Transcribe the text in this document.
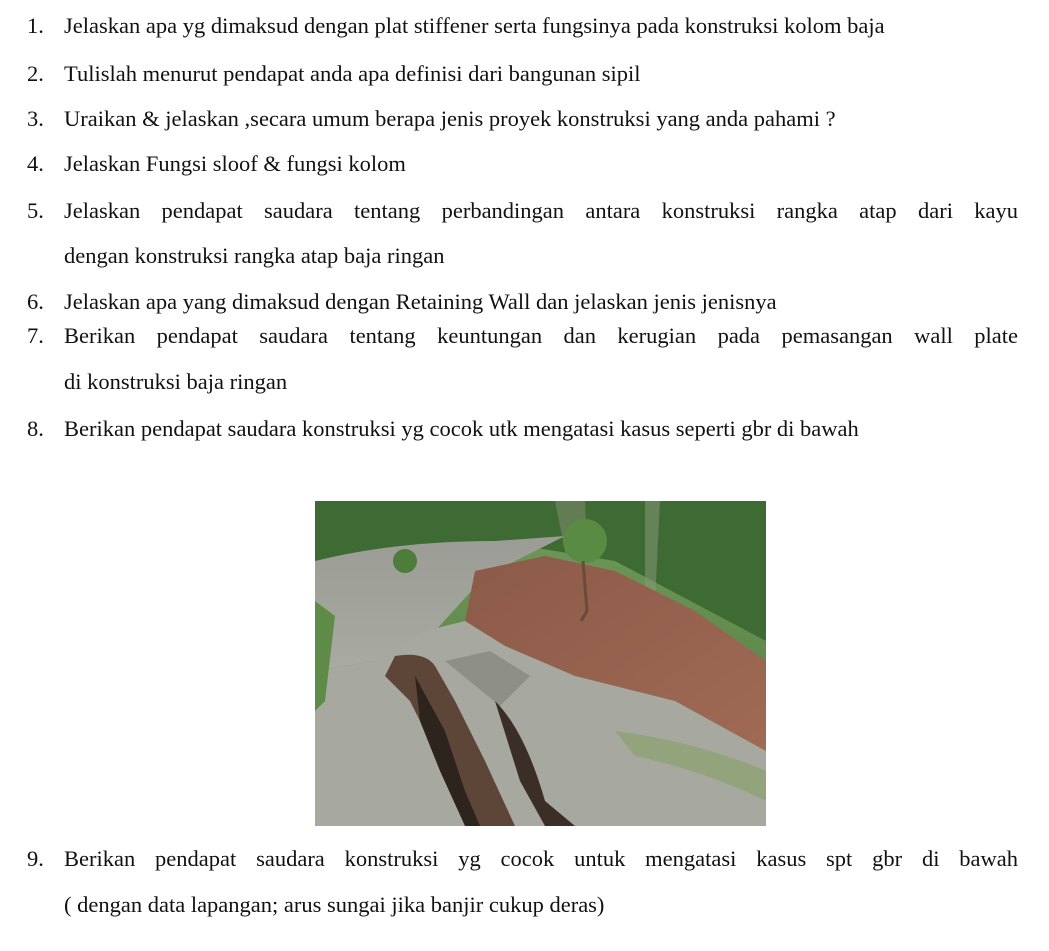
1. Jelaskan apa yg dimaksud dengan plat stiffener serta fungsinya pada konstruksi kolom baja
2. Tulislah menurut pendapat anda apa definisi dari bangunan sipil
3. Uraikan & jelaskan ,secara umum berapa jenis proyek konstruksi yang anda pahami ?
4. Jelaskan Fungsi sloof & fungsi kolom
5. Jelaskan pendapat saudara tentang perbandingan antara konstruksi rangka atap dari kayu
dengan konstruksi rangka atap baja ringan
6. Jelaskan apa yang dimaksud dengan Retaining Wall dan jelaskan jenis jenisnya
7. Berikan pendapat saudara tentang keuntungan dan kerugian pada pemasangan wall plate
di konstruksi baja ringan
8. Berikan pendapat saudara konstruksi yg cocok utk mengatasi kasus seperti gbr di bawah
9. Berikan pendapat saudara konstruksi yg cocok untuk mengatasi kasus spt gbr di bawah
( dengan data lapangan; arus sungai jika banjir cukup deras)
